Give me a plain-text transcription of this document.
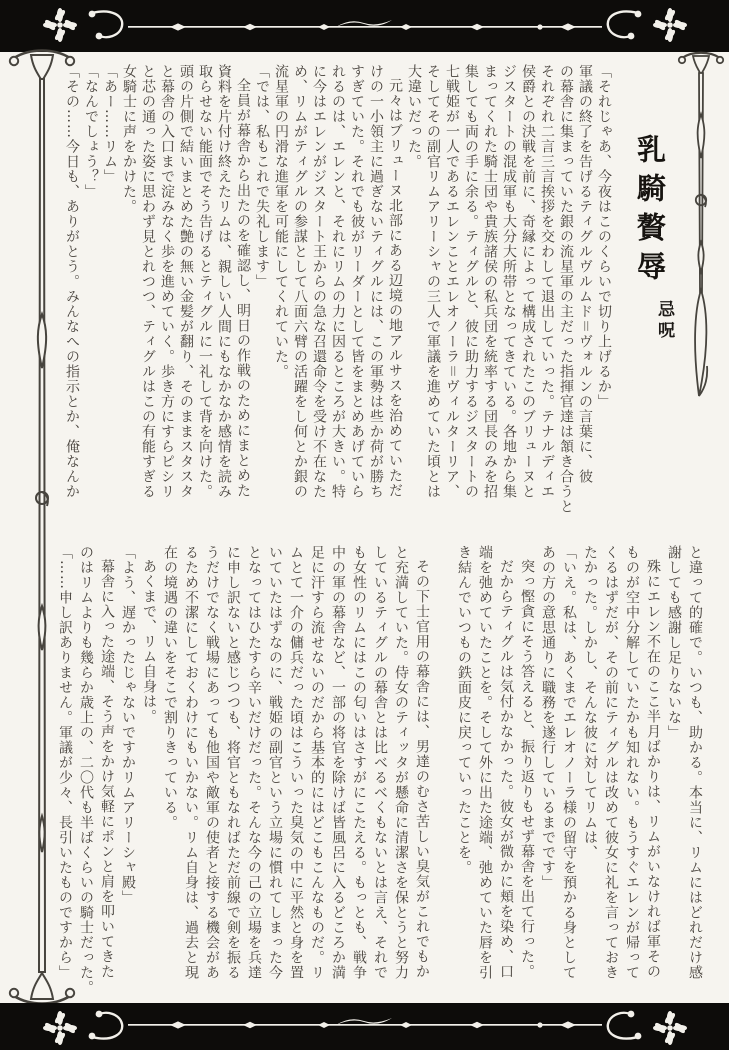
乳騎贅辱
忌呪
「それじゃあ、今夜はこのくらいで切り上げるか」
軍議の終了を告げるティグルヴルムド＝ヴォルンの言葉に、彼
の幕舎に集まっていた銀の流星軍の主だった指揮官達は頷き合うと
それぞれ二言三言挨拶を交わして退出していった。テナルディエ
侯爵との決戦を前に、奇縁によって構成されたこのブリューヌと
ジスタートの混成軍も大分大所帯となってきている。各地から集
まってくれた騎士団や貴族諸侯の私兵団を統率する団長のみを招
集しても両の手に余る。ティグルと、彼に助力するジスタートの
七戦姫が一人であるエレンことエレオノーラ＝ヴィルターリア、
そしてその副官リムアリーシャの三人で軍議を進めていた頃とは
大違いだった。
元々はブリューヌ北部にある辺境の地アルサスを治めていただ
けの一小領主に過ぎないティグルには、この軍勢は些か荷が勝ち
すぎていた。それでも彼がリーダーとして皆をまとめあげていら
れるのは、エレンと、それにリムの力に因るところが大きい。特
に今はエレンがジスタート王からの急な召還命令を受け不在なた
め、リムがティグルの参謀として八面六臂の活躍をし何とか銀の
流星軍の円滑な進軍を可能にしてくれていた。
「では、私もこれで失礼します」
全員が幕舎から出たのを確認し、明日の作戦のためにまとめた
資料を片付け終えたリムは、親しい人間にもなかなか感情を読み
取らせない能面でそう告げるとティグルに一礼して背を向けた。
頭の片側で結いまとめた艶の無い金髪が翻り、そのままスタスタ
と幕舎の入口まで淀みなく歩を進めていく。歩き方にすらピシリ
と芯の通った姿に思わず見とれつつ、ティグルはこの有能すぎる
女騎士に声をかけた。
「あー……リム」
「なんでしょう？」
「その……今日も、ありがとう。みんなへの指示とか、俺なんか
と違って的確で。いつも、助かる。本当に、リムにはどれだけ感
謝しても感謝し足りないな」
殊にエレン不在のここ半月ばかりは、リムがいなければ軍その
ものが空中分解していたかも知れない。もうすぐエレンが帰って
くるはずだが、その前にティグルは改めて彼女に礼を言っておき
たかった。しかし、そんな彼に対してリムは、
「いえ。私は、あくまでエレオノーラ様の留守を預かる身として
あの方の意思通りに職務を遂行しているまでです」
突っ慳貪にそう答えると、振り返りもせず幕舎を出て行った。
だからティグルは気付かなかった。彼女が微かに頬を染め、口
端を弛めていたことを。そして外に出た途端、弛めていた唇を引
き結んでいつもの鉄面皮に戻っていったことを。

その下士官用の幕舎には、男達のむさ苦しい臭気がこれでもか
と充満していた。侍女のティッタが懸命に清潔さを保とうと努力
しているティグルの幕舎とは比べるべくもないとは言え、それで
も女性のリムにはこの匂いはさすがにこたえる。もっとも、戦争
中の軍の幕舎など、一部の将官を除けば皆風呂に入るどころか満
足に汗すら流せないのだから基本的にはどこもこんなものだ。リ
ムとて一介の傭兵だった頃はこういった臭気の中に平然と身を置
いていたはずなのに、戦姫の副官という立場に慣れてしまった今
となってはひたすら辛いだけだった。そんな今の己の立場を兵達
に申し訳ないと感じつつも、将官ともなればただ前線で剣を振る
うだけでなく戦場にあっても他国や敵軍の使者と接する機会があ
るため不潔にしておくわけにもいかない。リム自身は、過去と現
在の境遇の違いをそこで割りきっている。
あくまで、リム自身は。
「よう、遅かったじゃないですかリムアリーシャ殿」
幕舎に入った途端、そう声をかけ気軽にポンと肩を叩いてきた
のはリムよりも幾らか歳上の、二〇代も半ばくらいの騎士だった。
「……申し訳ありません。軍議が少々、長引いたものですから」
